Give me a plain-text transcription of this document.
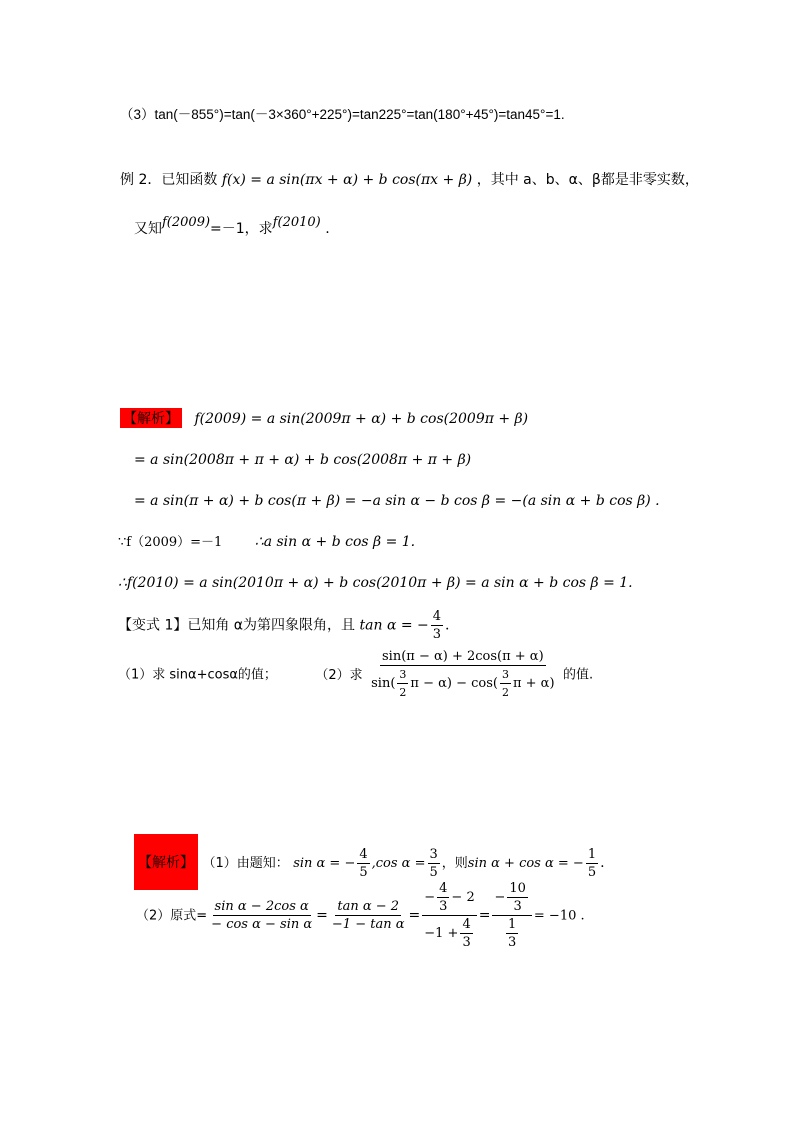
（3）tan(－855°)=tan(－3×360°+225°)=tan225°=tan(180°+45°)=tan45°=1.
例 2．已知函数 f(x) = a sin(πx + α) + b cos(πx + β) ，其中 a、b、α、β都是非零实数，
又知f(2009)=－1，求f(2010) .
【解析】 f(2009) = a sin(2009π + α) + b cos(2009π + β)
= a sin(2008π + π + α) + b cos(2008π + π + β)
= a sin(π + α) + b cos(π + β) = −a sin α − b cos β = −(a sin α + b cos β) .
∵f（2009）=－1 ∴a sin α + b cos β = 1.
∴f(2010) = a sin(2010π + α) + b cos(2010π + β) = a sin α + b cos β = 1.
【变式 1】已知角 α为第四象限角，且 tan α = − $\frac{4}{3}$ .
（1）求 sinα+cosα的值；	（2）求 $\frac{\sin(\pi - \alpha) + 2\cos(\pi + \alpha)}{\sin( \frac{3}{2} \pi - \alpha) - \cos( \frac{3}{2} \pi + \alpha)}$ 的值.
【解析】 （1）由题知： sin α = − $\frac{4}{5} ,\cos$ $\alpha = \frac{3}{5}$ ，则sin α + cos α = − $\frac{1}{5}$ .
（2）原式= $\frac{\text{sin α − 2cos α}}{\text{− cos α − sin α}} = \frac{\text{tan α − 2}}{\text{−1 − tan α}} = \frac{- \frac{4}{3} - 2}{-1 + \frac{4}{3}} = \frac{- \frac{10}{3}}{\frac{1}{3}} = -10$ .
